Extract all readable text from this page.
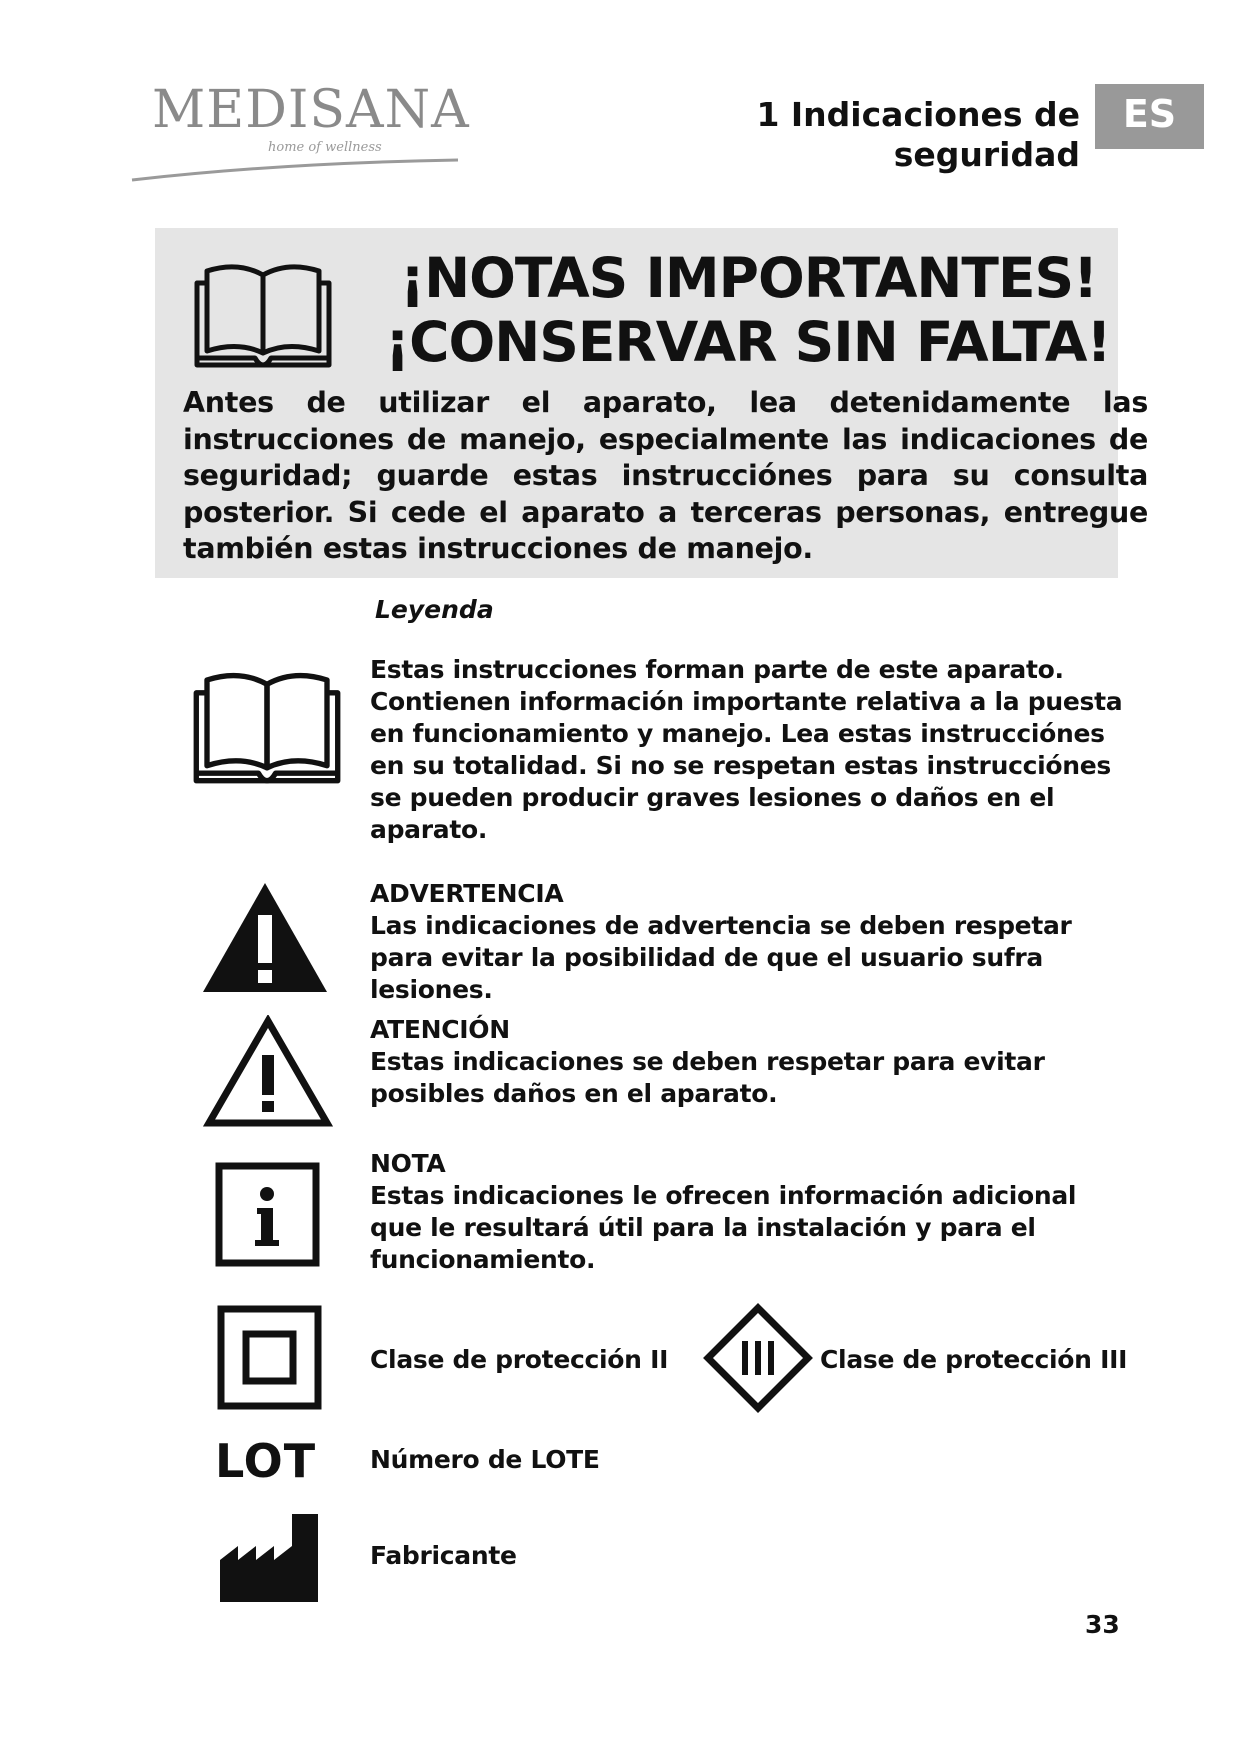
MEDISANA
home of wellness
1 Indicaciones de seguridad
ES
¡NOTAS IMPORTANTES!
¡CONSERVAR SIN FALTA!
Antes de utilizar el aparato, lea detenidamente las instrucciones de manejo, especialmente las indicaciones de seguridad; guarde estas instrucciónes para su consulta posterior. Si cede el aparato a terceras personas, entregue también estas instrucciones de manejo.
Leyenda
Estas instrucciones forman parte de este aparato. Contienen información importante relativa a la puesta en funcionamiento y manejo. Lea estas instrucciónes en su totalidad. Si no se respetan estas instrucciónes se pueden producir graves lesiones o daños en el aparato.
ADVERTENCIA
Las indicaciones de advertencia se deben respetar para evitar la posibilidad de que el usuario sufra lesiones.
ATENCIÓN
Estas indicaciones se deben respetar para evitar posibles daños en el aparato.
NOTA
Estas indicaciones le ofrecen información adicional que le resultará útil para la instalación y para el funcionamiento.
Clase de protección II	Clase de protección III
LOT Número de LOTE
Fabricante
33
